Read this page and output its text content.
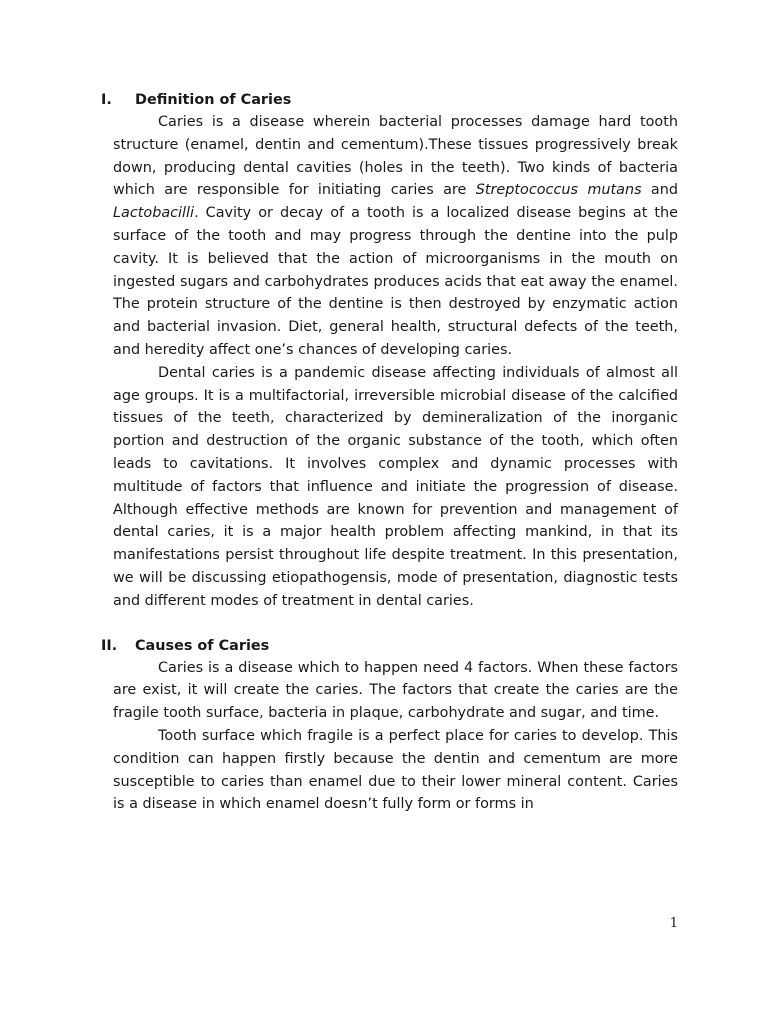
I. Definition of Caries

Caries is a disease wherein bacterial processes damage hard tooth structure (enamel, dentin and cementum).These tissues progressively break down, producing dental cavities (holes in the teeth). Two kinds of bacteria which are responsible for initiating caries are Streptococcus mutans and Lactobacilli. Cavity or decay of a tooth is a localized disease begins at the surface of the tooth and may progress through the dentine into the pulp cavity. It is believed that the action of microorganisms in the mouth on ingested sugars and carbohydrates produces acids that eat away the enamel. The protein structure of the dentine is then destroyed by enzymatic action and bacterial invasion. Diet, general health, structural defects of the teeth, and heredity affect one’s chances of developing caries.

Dental caries is a pandemic disease affecting individuals of almost all age groups. It is a multifactorial, irreversible microbial disease of the calcified tissues of the teeth, characterized by demineralization of the inorganic portion and destruction of the organic substance of the tooth, which often leads to cavitations. It involves complex and dynamic processes with multitude of factors that influence and initiate the progression of disease. Although effective methods are known for prevention and management of dental caries, it is a major health problem affecting mankind, in that its manifestations persist throughout life despite treatment. In this presentation, we will be discussing etiopathogensis, mode of presentation, diagnostic tests and different modes of treatment in dental caries.

II. Causes of Caries

Caries is a disease which to happen need 4 factors. When these factors are exist, it will create the caries. The factors that create the caries are the fragile tooth surface, bacteria in plaque, carbohydrate and sugar, and time.

Tooth surface which fragile is a perfect place for caries to develop. This condition can happen firstly because the dentin and cementum are more susceptible to caries than enamel due to their lower mineral content. Caries is a disease in which enamel doesn’t fully form or forms in

1
